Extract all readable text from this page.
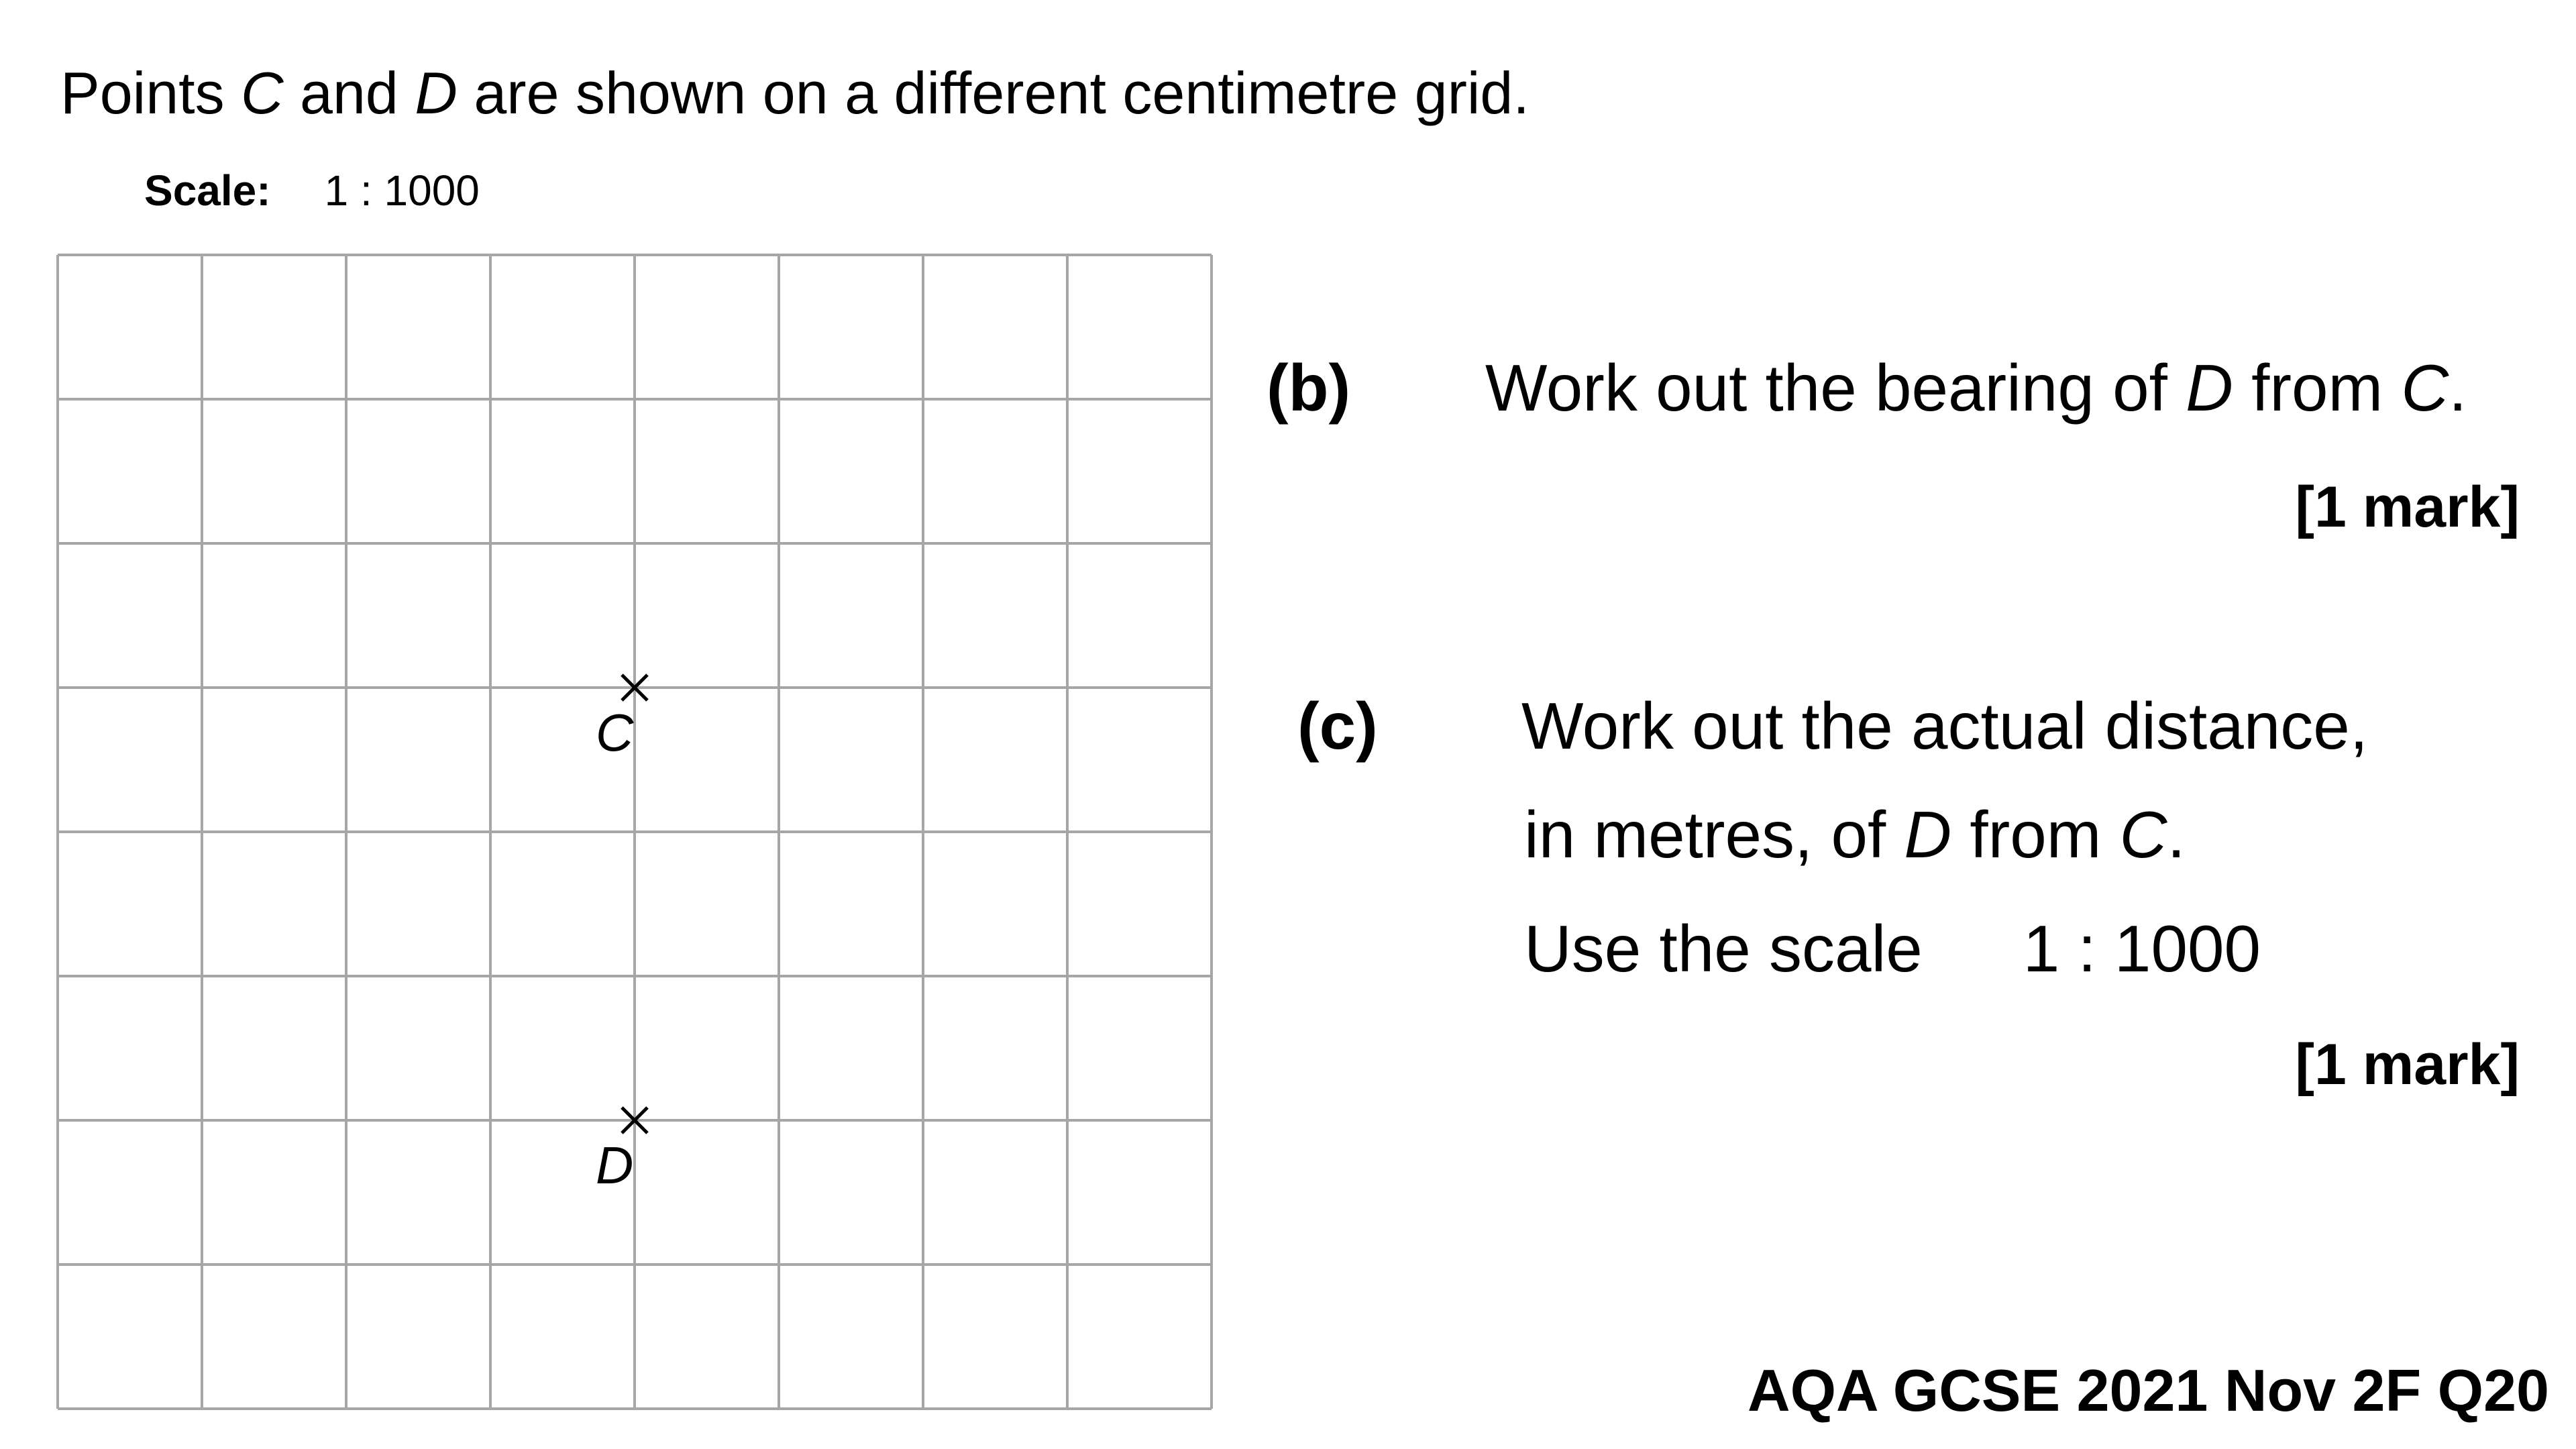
Points C and D are shown on a different centimetre grid.
Scale: 1 : 1000
C
D
(b) Work out the bearing of D from C.
[1 mark]
(c) Work out the actual distance,
in metres, of D from C.
Use the scale 1 : 1000
[1 mark]
AQA GCSE 2021 Nov 2F Q20
